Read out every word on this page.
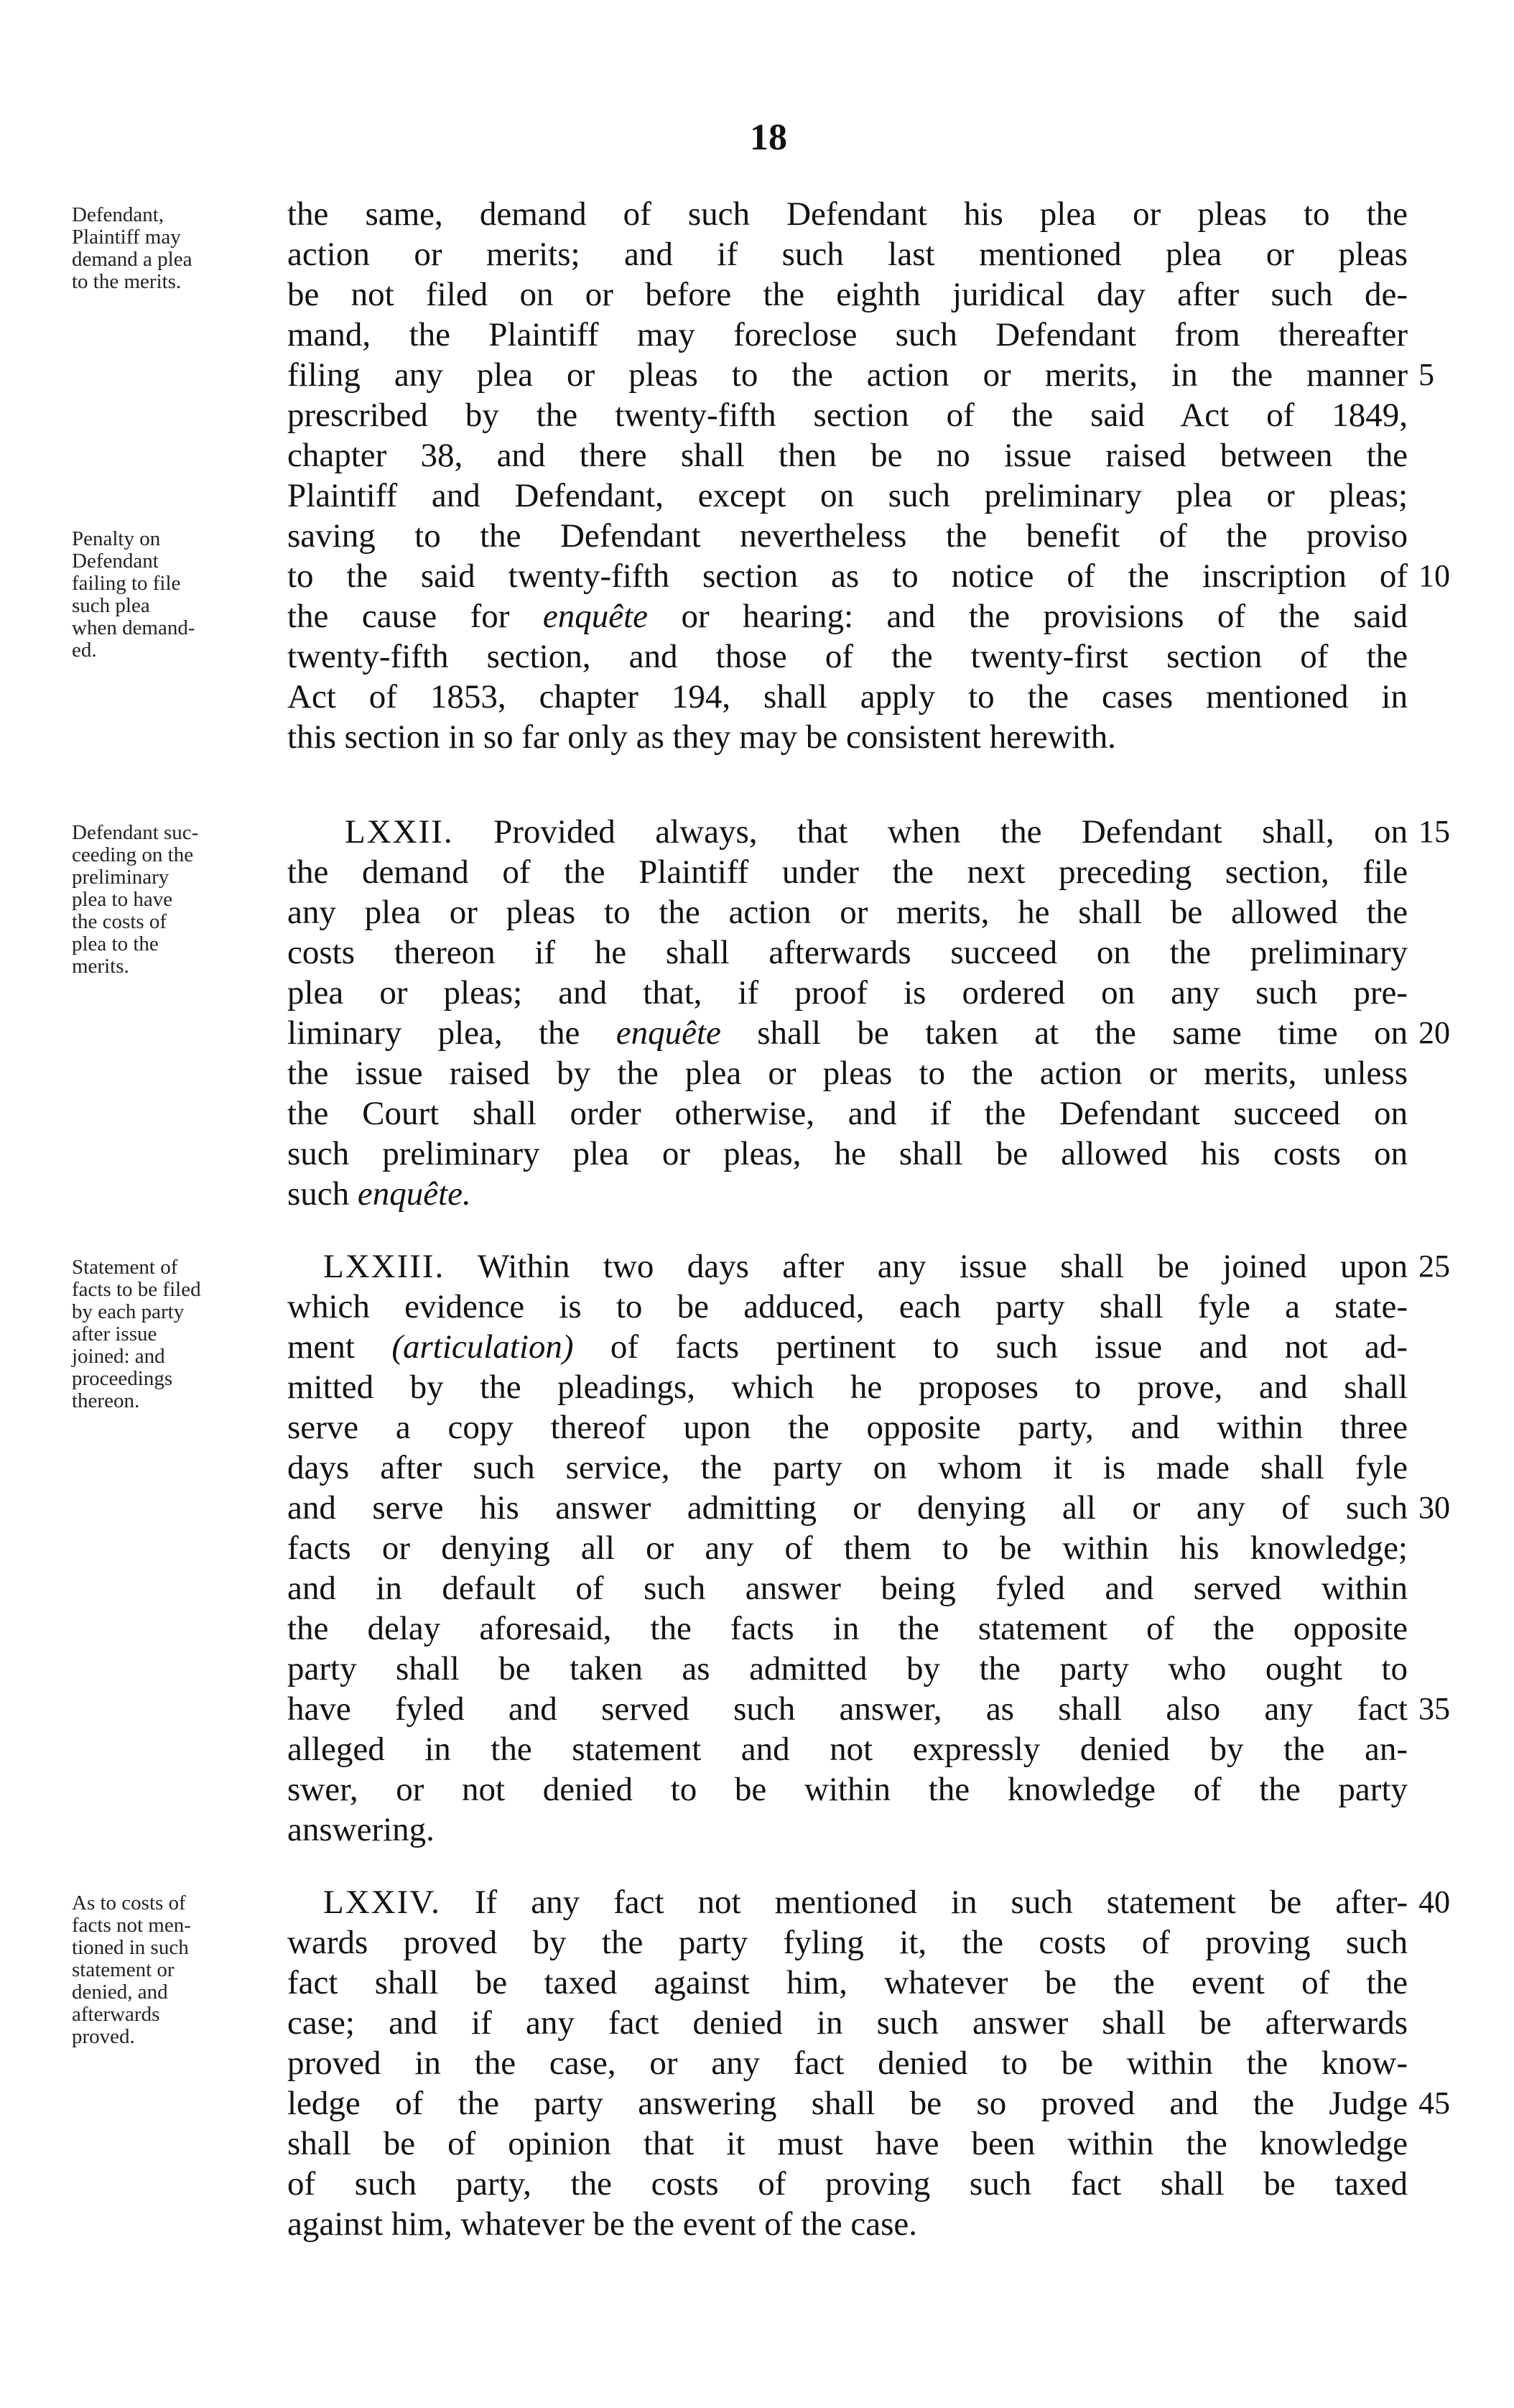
18
Defendant,
Plaintiff may
demand a plea
to the merits.
Penalty on
Defendant
failing to file
such plea
when demand-
ed.
the same, demand of such Defendant his plea or pleas to the
action or merits; and if such last mentioned plea or pleas
be not filed on or before the eighth juridical day after such de-
mand, the Plaintiff may foreclose such Defendant from thereafter
filing any plea or pleas to the action or merits, in the manner
prescribed by the twenty-fifth section of the said Act of 1849,
chapter 38, and there shall then be no issue raised between the
Plaintiff and Defendant, except on such preliminary plea or pleas;
saving to the Defendant nevertheless the benefit of the proviso
to the said twenty-fifth section as to notice of the inscription of
the cause for enquête or hearing: and the provisions of the said
twenty-fifth section, and those of the twenty-first section of the
Act of 1853, chapter 194, shall apply to the cases mentioned in
this section in so far only as they may be consistent herewith.
5
10
Defendant suc-
ceeding on the
preliminary
plea to have
the costs of
plea to the
merits.
LXXII. Provided always, that when the Defendant shall, on
the demand of the Plaintiff under the next preceding section, file
any plea or pleas to the action or merits, he shall be allowed the
costs thereon if he shall afterwards succeed on the preliminary
plea or pleas; and that, if proof is ordered on any such pre-
liminary plea, the enquête shall be taken at the same time on
the issue raised by the plea or pleas to the action or merits, unless
the Court shall order otherwise, and if the Defendant succeed on
such preliminary plea or pleas, he shall be allowed his costs on
such enquête.
15
20
Statement of
facts to be filed
by each party
after issue
joined: and
proceedings
thereon.
LXXIII. Within two days after any issue shall be joined upon
which evidence is to be adduced, each party shall fyle a state-
ment (articulation) of facts pertinent to such issue and not ad-
mitted by the pleadings, which he proposes to prove, and shall
serve a copy thereof upon the opposite party, and within three
days after such service, the party on whom it is made shall fyle
and serve his answer admitting or denying all or any of such
facts or denying all or any of them to be within his knowledge;
and in default of such answer being fyled and served within
the delay aforesaid, the facts in the statement of the opposite
party shall be taken as admitted by the party who ought to
have fyled and served such answer, as shall also any fact
alleged in the statement and not expressly denied by the an-
swer, or not denied to be within the knowledge of the party
answering.
25
30
35
As to costs of
facts not men-
tioned in such
statement or
denied, and
afterwards
proved.
LXXIV. If any fact not mentioned in such statement be after-
wards proved by the party fyling it, the costs of proving such
fact shall be taxed against him, whatever be the event of the
case; and if any fact denied in such answer shall be afterwards
proved in the case, or any fact denied to be within the know-
ledge of the party answering shall be so proved and the Judge
shall be of opinion that it must have been within the knowledge
of such party, the costs of proving such fact shall be taxed
against him, whatever be the event of the case.
40
45
